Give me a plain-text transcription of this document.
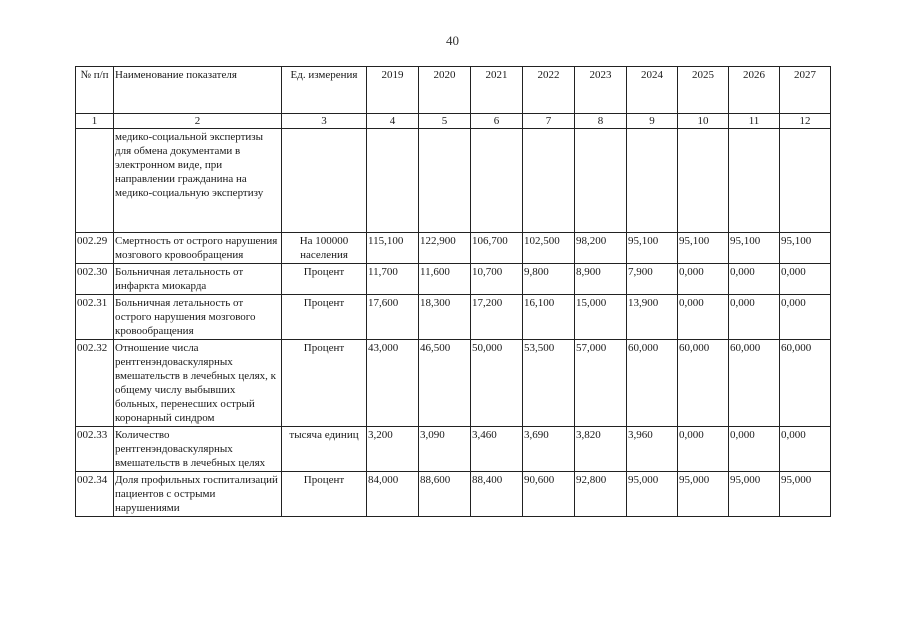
40
№ п/п	Наименование показателя	Ед. измерения	2019	2020	2021	2022	2023	2024	2025	2026	2027
1	2	3	4	5	6	7	8	9	10	11	12
	медико-социальной экспертизы для обмена документами в электронном виде, при направлении гражданина на медико-социальную экспертизу										
002.29	Смертность от острого нарушения мозгового кровообращения	На 100000 населения	115,100	122,900	106,700	102,500	98,200	95,100	95,100	95,100	95,100
002.30	Больничная летальность от инфаркта миокарда	Процент	11,700	11,600	10,700	9,800	8,900	7,900	0,000	0,000	0,000
002.31	Больничная летальность от острого нарушения мозгового кровообращения	Процент	17,600	18,300	17,200	16,100	15,000	13,900	0,000	0,000	0,000
002.32	Отношение числа рентгенэндоваскулярных вмешательств в лечебных целях, к общему числу выбывших больных, перенесших острый коронарный синдром	Процент	43,000	46,500	50,000	53,500	57,000	60,000	60,000	60,000	60,000
002.33	Количество рентгенэндоваскулярных вмешательств в лечебных целях	тысяча единиц	3,200	3,090	3,460	3,690	3,820	3,960	0,000	0,000	0,000
002.34	Доля профильных госпитализаций пациентов с острыми нарушениями	Процент	84,000	88,600	88,400	90,600	92,800	95,000	95,000	95,000	95,000
